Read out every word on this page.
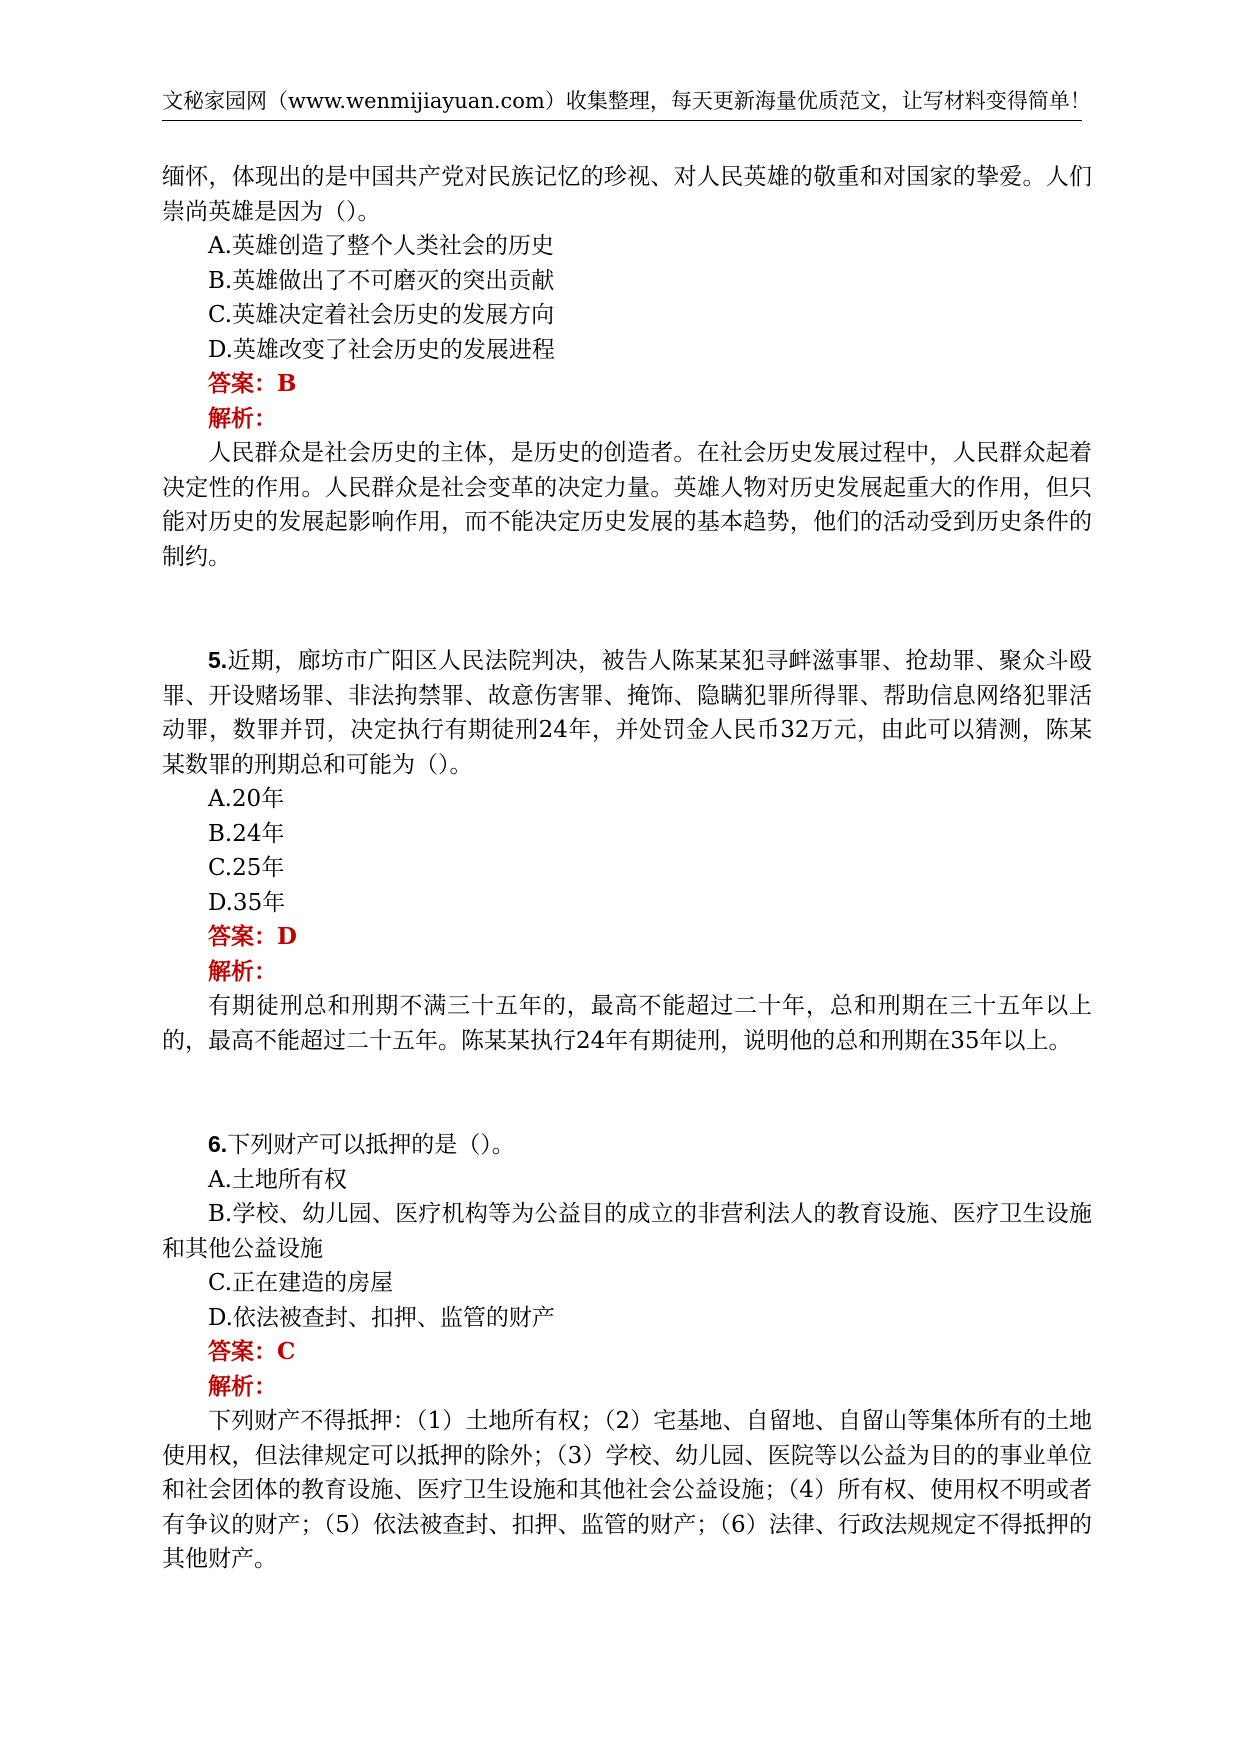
文秘家园网（www.wenmijiayuan.com）收集整理，每天更新海量优质范文，让写材料变得简单！

缅怀，体现出的是中国共产党对民族记忆的珍视、对人民英雄的敬重和对国家的挚爱。人们崇尚英雄是因为（）。

A.英雄创造了整个人类社会的历史

B.英雄做出了不可磨灭的突出贡献

C.英雄决定着社会历史的发展方向

D.英雄改变了社会历史的发展进程

答案：B

解析：

人民群众是社会历史的主体，是历史的创造者。在社会历史发展过程中，人民群众起着决定性的作用。人民群众是社会变革的决定力量。英雄人物对历史发展起重大的作用，但只能对历史的发展起影响作用，而不能决定历史发展的基本趋势，他们的活动受到历史条件的制约。

5.近期，廊坊市广阳区人民法院判决，被告人陈某某犯寻衅滋事罪、抢劫罪、聚众斗殴罪、开设赌场罪、非法拘禁罪、故意伤害罪、掩饰、隐瞒犯罪所得罪、帮助信息网络犯罪活动罪，数罪并罚，决定执行有期徒刑24年，并处罚金人民币32万元，由此可以猜测，陈某某数罪的刑期总和可能为（）。

A.20年

B.24年

C.25年

D.35年

答案：D

解析：

有期徒刑总和刑期不满三十五年的，最高不能超过二十年，总和刑期在三十五年以上的，最高不能超过二十五年。陈某某执行24年有期徒刑，说明他的总和刑期在35年以上。

6.下列财产可以抵押的是（）。

A.土地所有权

B.学校、幼儿园、医疗机构等为公益目的成立的非营利法人的教育设施、医疗卫生设施和其他公益设施

C.正在建造的房屋

D.依法被查封、扣押、监管的财产

答案：C

解析：

下列财产不得抵押：（1）土地所有权；（2）宅基地、自留地、自留山等集体所有的土地使用权，但法律规定可以抵押的除外；（3）学校、幼儿园、医院等以公益为目的的事业单位和社会团体的教育设施、医疗卫生设施和其他社会公益设施；（4）所有权、使用权不明或者有争议的财产；（5）依法被查封、扣押、监管的财产；（6）法律、行政法规规定不得抵押的其他财产。
